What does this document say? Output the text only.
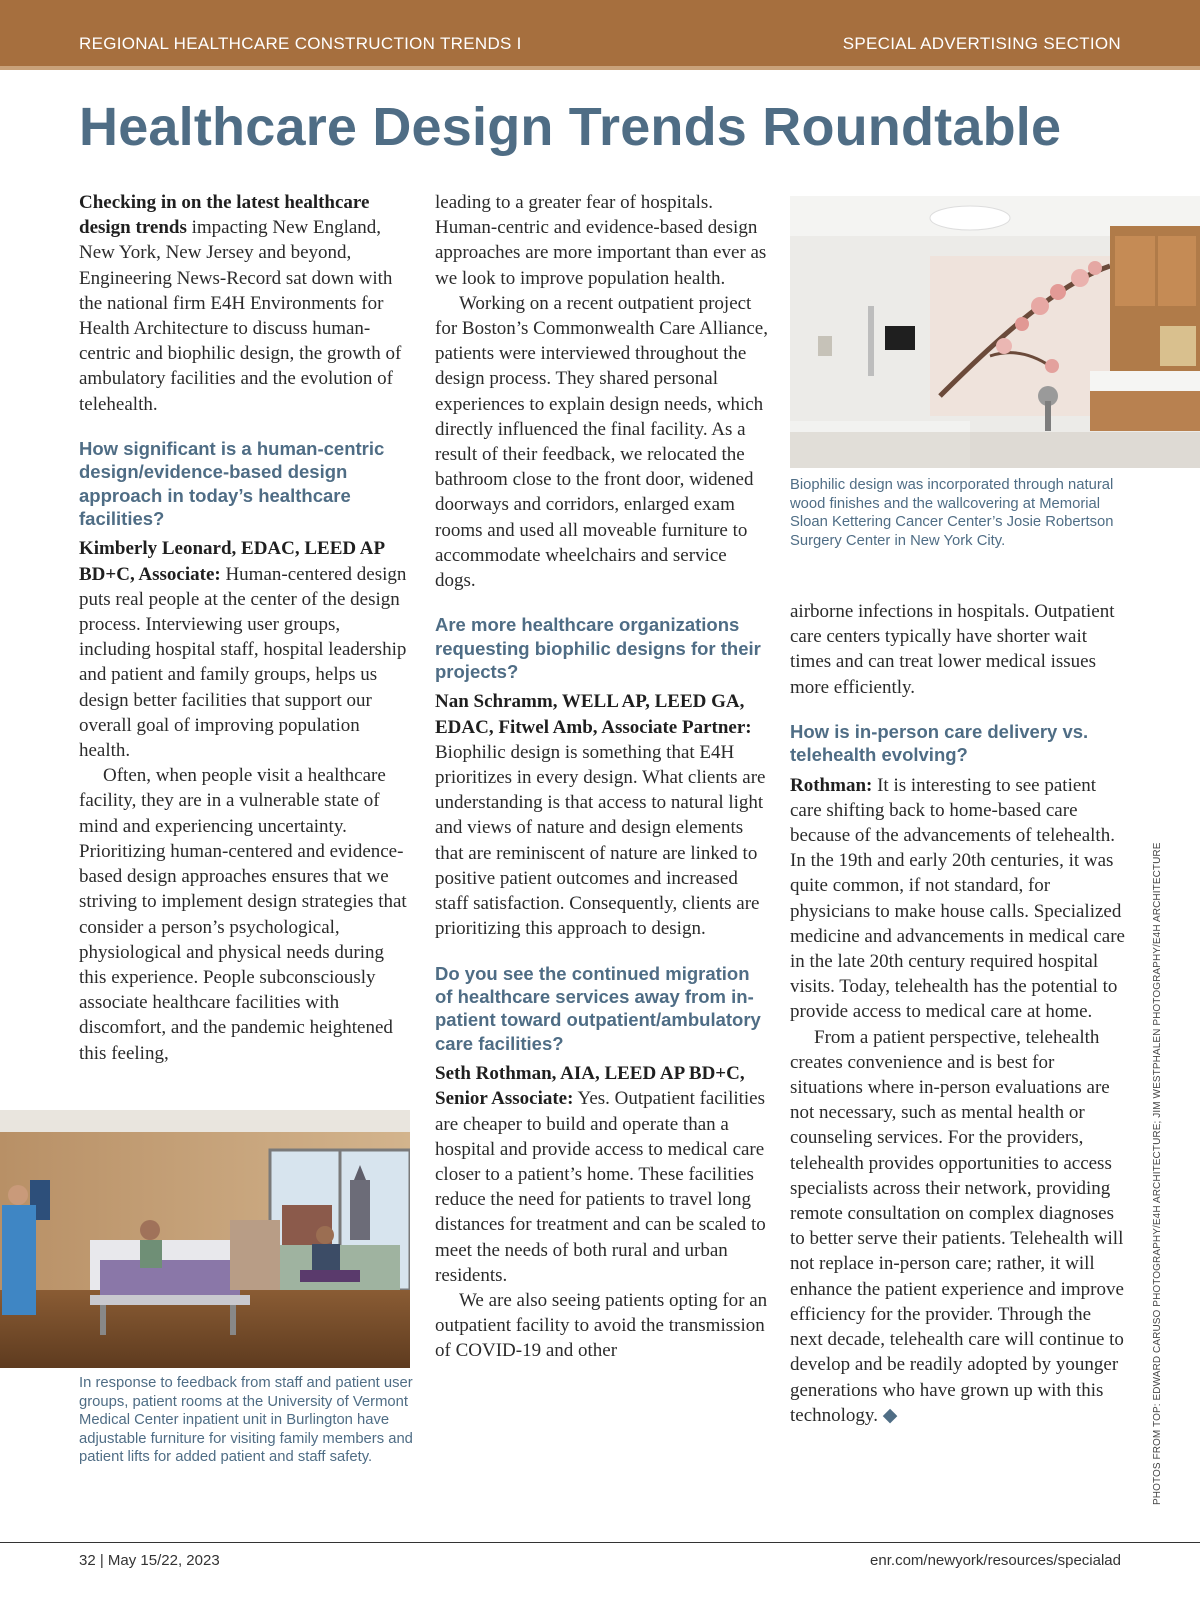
REGIONAL HEALTHCARE CONSTRUCTION TRENDS I	SPECIAL ADVERTISING SECTION
Healthcare Design Trends Roundtable

Checking in on the latest healthcare design trends impacting New England, New York, New Jersey and beyond, Engineering News-Record sat down with the national firm E4H Environments for Health Architecture to discuss human-centric and biophilic design, the growth of ambulatory facilities and the evolution of telehealth.

How significant is a human-centric design/evidence-based design approach in today’s healthcare facilities?

Kimberly Leonard, EDAC, LEED AP BD+C, Associate: Human-centered design puts real people at the center of the design process. Interviewing user groups, including hospital staff, hospital leadership and patient and family groups, helps us design better facilities that support our overall goal of improving population health.

Often, when people visit a healthcare facility, they are in a vulnerable state of mind and experiencing uncertainty. Prioritizing human-centered and evidence-based design approaches ensures that we striving to implement design strategies that consider a person’s psychological, physiological and physical needs during this experience. People subconsciously associate healthcare facilities with discomfort, and the pandemic heightened this feeling,

In response to feedback from staff and patient user groups, patient rooms at the University of Vermont Medical Center inpatient unit in Burlington have adjustable furniture for visiting family members and patient lifts for added patient and staff safety.

leading to a greater fear of hospitals. Human-centric and evidence-based design approaches are more important than ever as we look to improve population health.

Working on a recent outpatient project for Boston’s Commonwealth Care Alliance, patients were interviewed throughout the design process. They shared personal experiences to explain design needs, which directly influenced the final facility. As a result of their feedback, we relocated the bathroom close to the front door, widened doorways and corridors, enlarged exam rooms and used all moveable furniture to accommodate wheelchairs and service dogs.

Are more healthcare organizations requesting biophilic designs for their projects?

Nan Schramm, WELL AP, LEED GA, EDAC, Fitwel Amb, Associate Partner: Biophilic design is something that E4H prioritizes in every design. What clients are understanding is that access to natural light and views of nature and design elements that are reminiscent of nature are linked to positive patient outcomes and increased staff satisfaction. Consequently, clients are prioritizing this approach to design.

Do you see the continued migration of healthcare services away from in-patient toward outpatient/ambulatory care facilities?

Seth Rothman, AIA, LEED AP BD+C, Senior Associate: Yes. Outpatient facilities are cheaper to build and operate than a hospital and provide access to medical care closer to a patient’s home. These facilities reduce the need for patients to travel long distances for treatment and can be scaled to meet the needs of both rural and urban residents.

We are also seeing patients opting for an outpatient facility to avoid the transmission of COVID-19 and other

Biophilic design was incorporated through natural wood finishes and the wallcovering at Memorial Sloan Kettering Cancer Center’s Josie Robertson Surgery Center in New York City.

airborne infections in hospitals. Outpatient care centers typically have shorter wait times and can treat lower medical issues more efficiently.

How is in-person care delivery vs. telehealth evolving?

Rothman: It is interesting to see patient care shifting back to home-based care because of the advancements of telehealth. In the 19th and early 20th centuries, it was quite common, if not standard, for physicians to make house calls. Specialized medicine and advancements in medical care in the late 20th century required hospital visits. Today, telehealth has the potential to provide access to medical care at home.

From a patient perspective, telehealth creates convenience and is best for situations where in-person evaluations are not necessary, such as mental health or counseling services. For the providers, telehealth provides opportunities to access specialists across their network, providing remote consultation on complex diagnoses to better serve their patients. Telehealth will not replace in-person care; rather, it will enhance the patient experience and improve efficiency for the provider. Through the next decade, telehealth care will continue to develop and be readily adopted by younger generations who have grown up with this technology. ◆	PHOTOS FROM TOP: EDWARD CARUSO PHOTOGRAPHY/E4H ARCHITECTURE; JIM WESTPHALEN PHOTOGRAPHY/E4H ARCHITECTURE
32 | May 15/22, 2023	enr.com/newyork/resources/specialad
